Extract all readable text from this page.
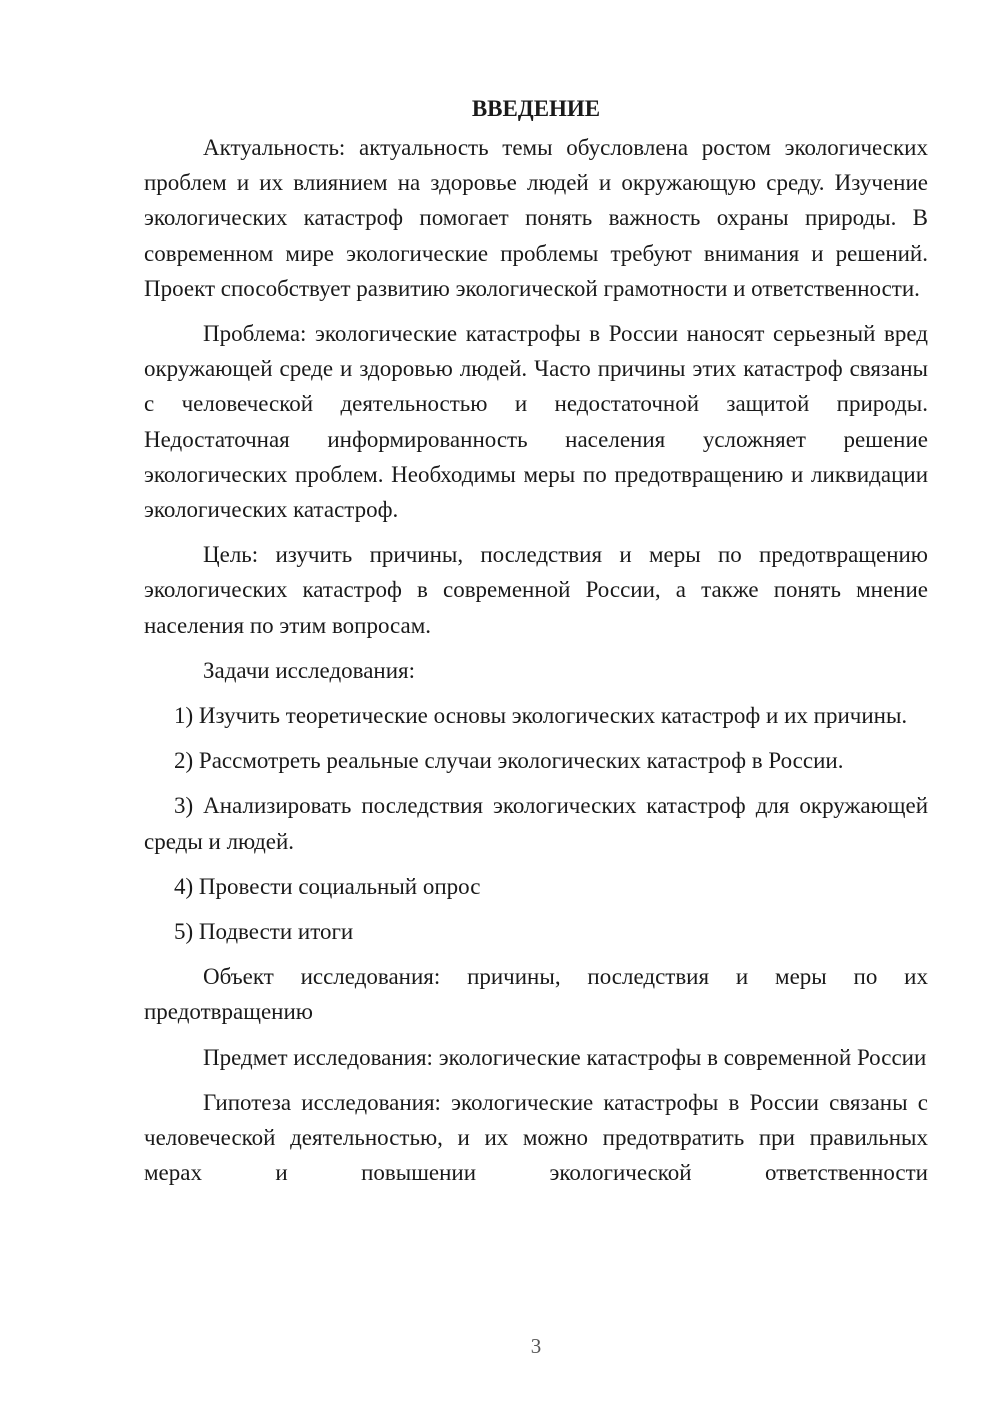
ВВЕДЕНИЕ

Актуальность: актуальность темы обусловлена ростом экологических проблем и их влиянием на здоровье людей и окружающую среду. Изучение экологических катастроф помогает понять важность охраны природы. В современном мире экологические проблемы требуют внимания и решений. Проект способствует развитию экологической грамотности и ответственности.

Проблема: экологические катастрофы в России наносят серьезный вред окружающей среде и здоровью людей. Часто причины этих катастроф связаны с человеческой деятельностью и недостаточной защитой природы. Недостаточная информированность населения усложняет решение экологических проблем. Необходимы меры по предотвращению и ликвидации экологических катастроф.

Цель: изучить причины, последствия и меры по предотвращению экологических катастроф в современной России, а также понять мнение населения по этим вопросам.

Задачи исследования:

1) Изучить теоретические основы экологических катастроф и их причины.

2) Рассмотреть реальные случаи экологических катастроф в России.

3) Анализировать последствия экологических катастроф для окружающей среды и людей.

4) Провести социальный опрос

5) Подвести итоги

Объект исследования: причины, последствия и меры по их предотвращению

Предмет исследования: экологические катастрофы в современной России

Гипотеза исследования: экологические катастрофы в России связаны с человеческой деятельностью, и их можно предотвратить при правильных мерах и повышении экологической ответственности

3
